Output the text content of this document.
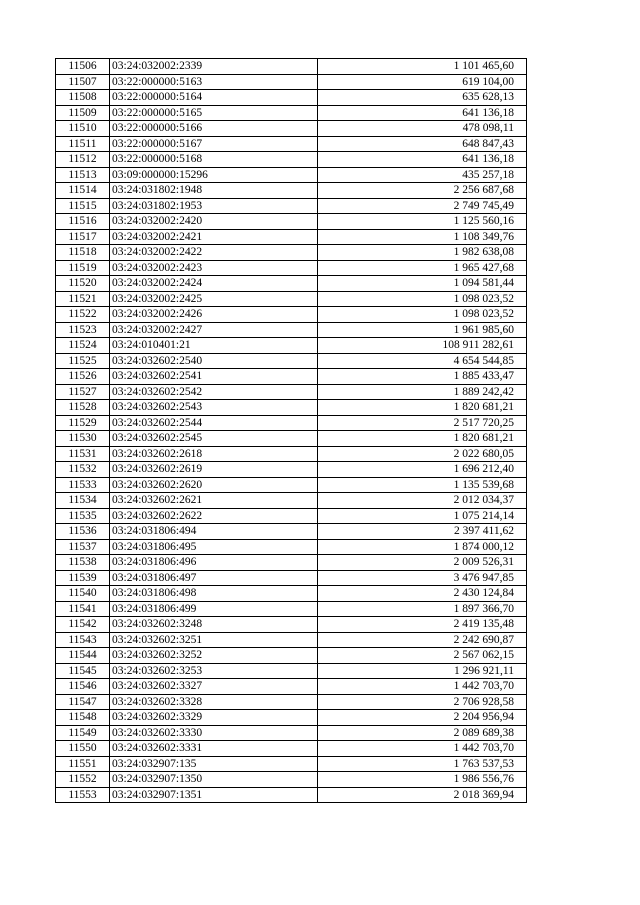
11506	03:24:032002:2339	1 101 465,60
11507	03:22:000000:5163	619 104,00
11508	03:22:000000:5164	635 628,13
11509	03:22:000000:5165	641 136,18
11510	03:22:000000:5166	478 098,11
11511	03:22:000000:5167	648 847,43
11512	03:22:000000:5168	641 136,18
11513	03:09:000000:15296	435 257,18
11514	03:24:031802:1948	2 256 687,68
11515	03:24:031802:1953	2 749 745,49
11516	03:24:032002:2420	1 125 560,16
11517	03:24:032002:2421	1 108 349,76
11518	03:24:032002:2422	1 982 638,08
11519	03:24:032002:2423	1 965 427,68
11520	03:24:032002:2424	1 094 581,44
11521	03:24:032002:2425	1 098 023,52
11522	03:24:032002:2426	1 098 023,52
11523	03:24:032002:2427	1 961 985,60
11524	03:24:010401:21	108 911 282,61
11525	03:24:032602:2540	4 654 544,85
11526	03:24:032602:2541	1 885 433,47
11527	03:24:032602:2542	1 889 242,42
11528	03:24:032602:2543	1 820 681,21
11529	03:24:032602:2544	2 517 720,25
11530	03:24:032602:2545	1 820 681,21
11531	03:24:032602:2618	2 022 680,05
11532	03:24:032602:2619	1 696 212,40
11533	03:24:032602:2620	1 135 539,68
11534	03:24:032602:2621	2 012 034,37
11535	03:24:032602:2622	1 075 214,14
11536	03:24:031806:494	2 397 411,62
11537	03:24:031806:495	1 874 000,12
11538	03:24:031806:496	2 009 526,31
11539	03:24:031806:497	3 476 947,85
11540	03:24:031806:498	2 430 124,84
11541	03:24:031806:499	1 897 366,70
11542	03:24:032602:3248	2 419 135,48
11543	03:24:032602:3251	2 242 690,87
11544	03:24:032602:3252	2 567 062,15
11545	03:24:032602:3253	1 296 921,11
11546	03:24:032602:3327	1 442 703,70
11547	03:24:032602:3328	2 706 928,58
11548	03:24:032602:3329	2 204 956,94
11549	03:24:032602:3330	2 089 689,38
11550	03:24:032602:3331	1 442 703,70
11551	03:24:032907:135	1 763 537,53
11552	03:24:032907:1350	1 986 556,76
11553	03:24:032907:1351	2 018 369,94
